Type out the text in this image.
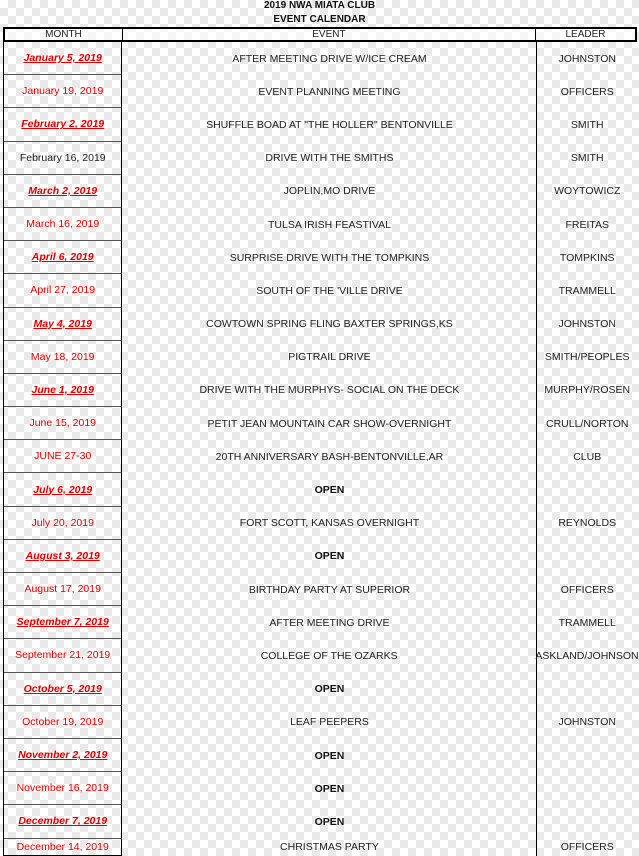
2019 NWA MIATA CLUB
EVENT CALENDAR
MONTH	EVENT	LEADER
January 5, 2019	AFTER MEETING DRIVE W/ICE CREAM	JOHNSTON
January 19, 2019	EVENT PLANNING MEETING	OFFICERS
February 2, 2019	SHUFFLE BOAD AT "THE HOLLER" BENTONVILLE	SMITH
February 16, 2019	DRIVE WITH THE SMITHS	SMITH
March 2, 2019	JOPLIN,MO DRIVE	WOYTOWICZ
March 16, 2019	TULSA IRISH FEASTIVAL	FREITAS
April 6, 2019	SURPRISE DRIVE WITH THE TOMPKINS	TOMPKINS
April 27, 2019	SOUTH OF THE 'VILLE DRIVE	TRAMMELL
May 4, 2019	COWTOWN SPRING FLING BAXTER SPRINGS,KS	JOHNSTON
May 18, 2019	PIGTRAIL DRIVE	SMITH/PEOPLES
June 1, 2019	DRIVE WITH THE MURPHYS- SOCIAL ON THE DECK	MURPHY/ROSEN
June 15, 2019	PETIT JEAN MOUNTAIN CAR SHOW-OVERNIGHT	CRULL/NORTON
JUNE 27-30	20TH ANNIVERSARY BASH-BENTONVILLE,AR	CLUB
July 6, 2019	OPEN
July 20, 2019	FORT SCOTT, KANSAS OVERNIGHT	REYNOLDS
August 3, 2019	OPEN
August 17, 2019	BIRTHDAY PARTY AT SUPERIOR	OFFICERS
September 7, 2019	AFTER MEETING DRIVE	TRAMMELL
September 21, 2019	COLLEGE OF THE OZARKS	ASKLAND/JOHNSON
October 5, 2019	OPEN
October 19, 2019	LEAF PEEPERS	JOHNSTON
November 2, 2019	OPEN
November 16, 2019	OPEN
December 7, 2019	OPEN
December 14, 2019	CHRISTMAS PARTY	OFFICERS
